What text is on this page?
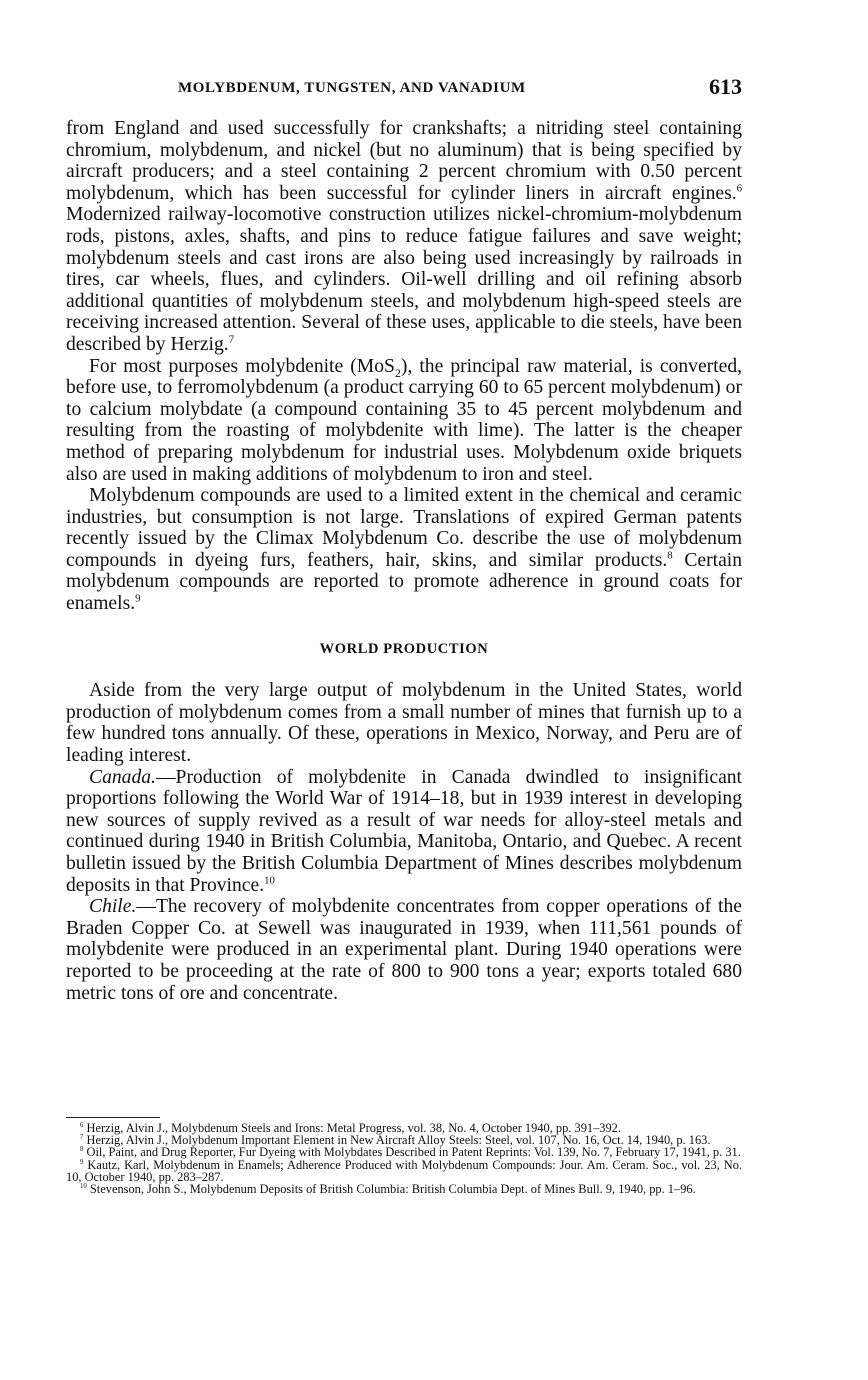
MOLYBDENUM, TUNGSTEN, AND VANADIUM	613

from England and used successfully for crankshafts; a nitriding steel containing chromium, molybdenum, and nickel (but no aluminum) that is being specified by aircraft producers; and a steel containing 2 percent chromium with 0.50 percent molybdenum, which has been successful for cylinder liners in aircraft engines.$^6$ Modernized railway-locomotive construction utilizes nickel-chromium-molybdenum rods, pistons, axles, shafts, and pins to reduce fatigue failures and save weight; molybdenum steels and cast irons are also being used increasingly by railroads in tires, car wheels, flues, and cylinders. Oil-well drilling and oil refining absorb additional quantities of molybdenum steels, and molybdenum high-speed steels are receiving increased attention. Several of these uses, applicable to die steels, have been described by Herzig.$^7$

For most purposes molybdenite (MoS$_2$), the principal raw material, is converted, before use, to ferromolybdenum (a product carrying 60 to 65 percent molybdenum) or to calcium molybdate (a compound containing 35 to 45 percent molybdenum and resulting from the roasting of molybdenite with lime). The latter is the cheaper method of preparing molybdenum for industrial uses. Molybdenum oxide briquets also are used in making additions of molybdenum to iron and steel.

Molybdenum compounds are used to a limited extent in the chemical and ceramic industries, but consumption is not large. Translations of expired German patents recently issued by the Climax Molybdenum Co. describe the use of molybdenum compounds in dyeing furs, feathers, hair, skins, and similar products.$^8$ Certain molybdenum compounds are reported to promote adherence in ground coats for enamels.$^9$

WORLD PRODUCTION

Aside from the very large output of molybdenum in the United States, world production of molybdenum comes from a small number of mines that furnish up to a few hundred tons annually. Of these, operations in Mexico, Norway, and Peru are of leading interest.

Canada.—Production of molybdenite in Canada dwindled to insignificant proportions following the World War of 1914–18, but in 1939 interest in developing new sources of supply revived as a result of war needs for alloy-steel metals and continued during 1940 in British Columbia, Manitoba, Ontario, and Quebec. A recent bulletin issued by the British Columbia Department of Mines describes molybdenum deposits in that Province.$^{10}$

Chile.—The recovery of molybdenite concentrates from copper operations of the Braden Copper Co. at Sewell was inaugurated in 1939, when 111,561 pounds of molybdenite were produced in an experimental plant. During 1940 operations were reported to be proceeding at the rate of 800 to 900 tons a year; exports totaled 680 metric tons of ore and concentrate.

$^6$ Herzig, Alvin J., Molybdenum Steels and Irons: Metal Progress, vol. 38, No. 4, October 1940, pp. 391–392.

$^7$ Herzig, Alvin J., Molybdenum Important Element in New Aircraft Alloy Steels: Steel, vol. 107, No. 16, Oct. 14, 1940, p. 163.

$^8$ Oil, Paint, and Drug Reporter, Fur Dyeing with Molybdates Described in Patent Reprints: Vol. 139, No. 7, February 17, 1941, p. 31.

$^9$ Kautz, Karl, Molybdenum in Enamels; Adherence Produced with Molybdenum Compounds: Jour. Am. Ceram. Soc., vol. 23, No. 10, October 1940, pp. 283–287.

$^{10}$ Stevenson, John S., Molybdenum Deposits of British Columbia: British Columbia Dept. of Mines Bull. 9, 1940, pp. 1–96.
